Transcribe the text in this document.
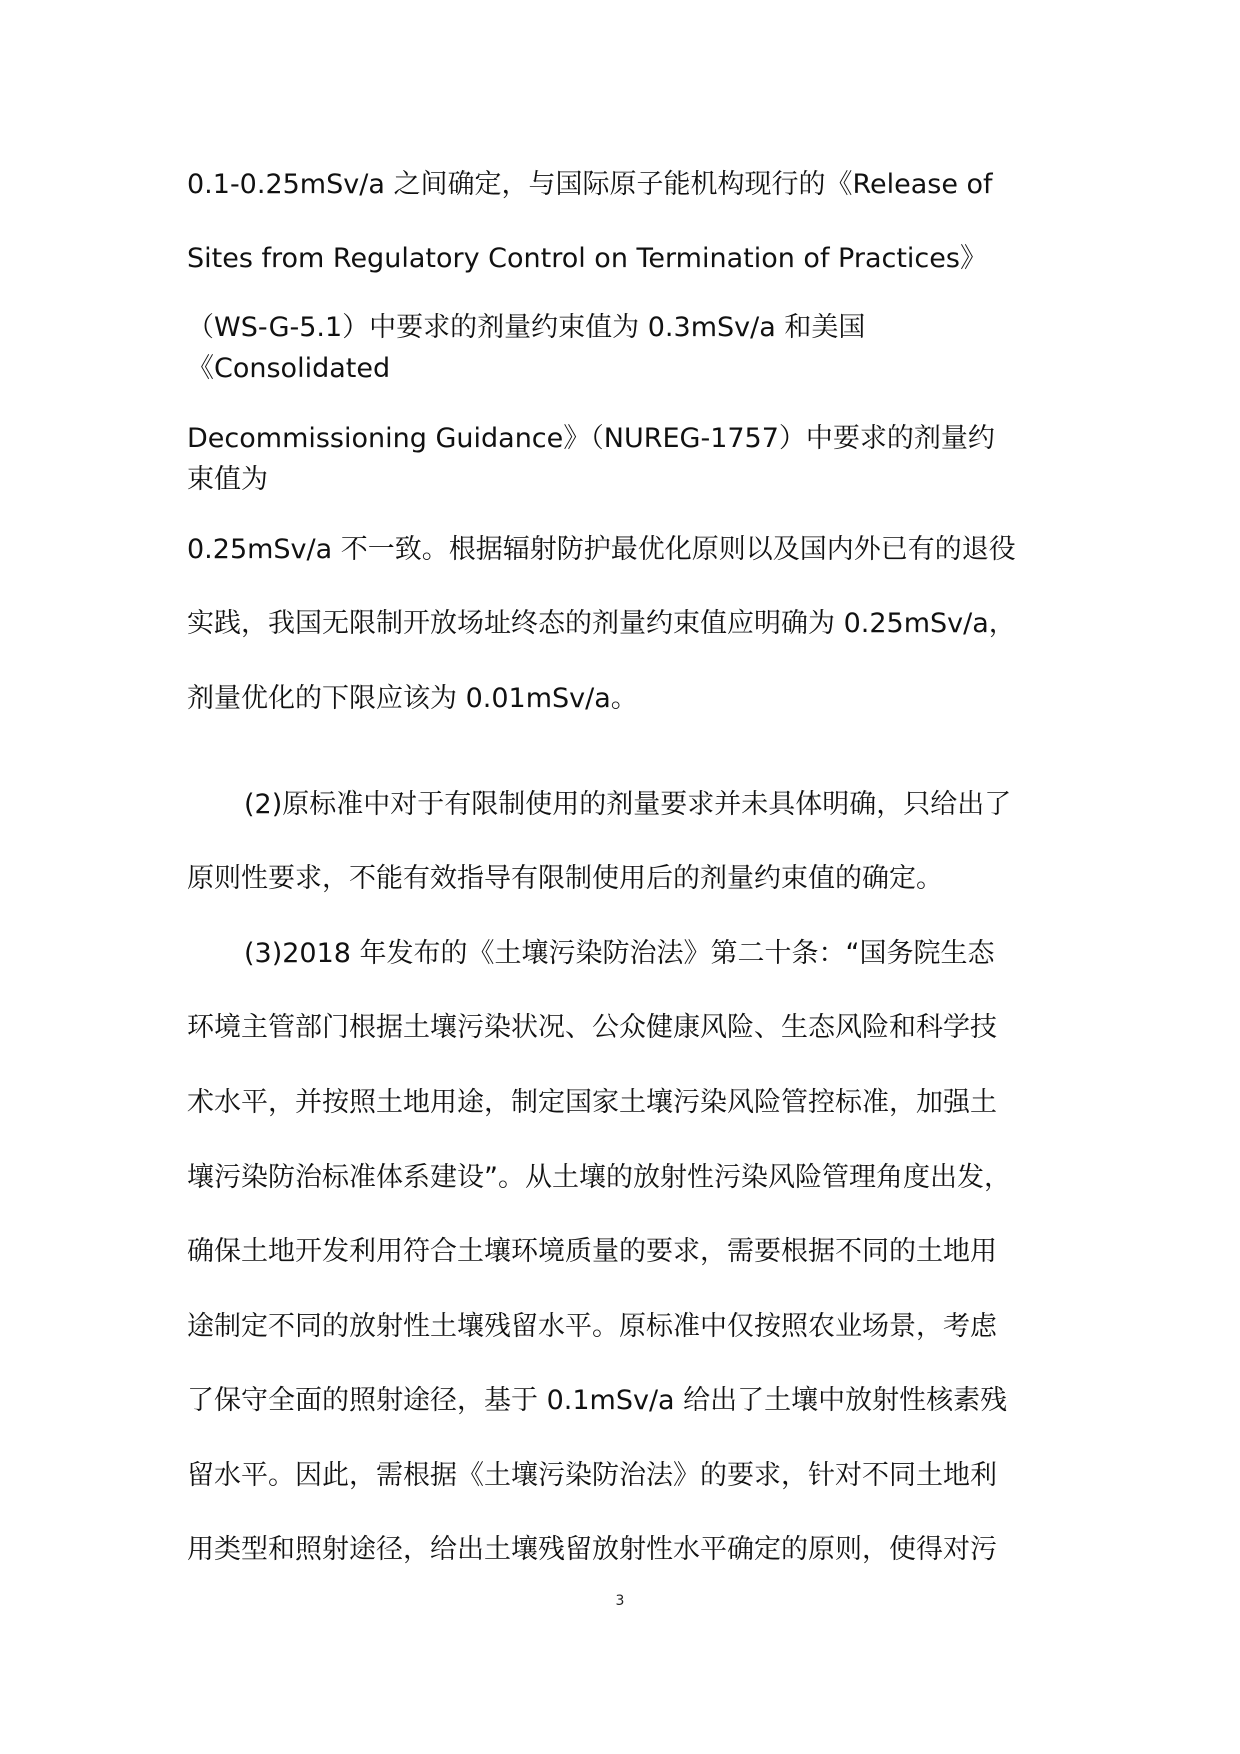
0.1-0.25mSv/a 之间确定，与国际原子能机构现行的《Release of
Sites from Regulatory Control on Termination of Practices》
（WS-G-5.1）中要求的剂量约束值为 0.3mSv/a 和美国
《Consolidated
Decommissioning Guidance》（NUREG-1757）中要求的剂量约
束值为
0.25mSv/a 不一致。根据辐射防护最优化原则以及国内外已有的退役
实践，我国无限制开放场址终态的剂量约束值应明确为 0.25mSv/a，
剂量优化的下限应该为 0.01mSv/a。
(2)原标准中对于有限制使用的剂量要求并未具体明确，只给出了
原则性要求，不能有效指导有限制使用后的剂量约束值的确定。
(3)2018 年发布的《土壤污染防治法》第二十条：“国务院生态
环境主管部门根据土壤污染状况、公众健康风险、生态风险和科学技
术水平，并按照土地用途，制定国家土壤污染风险管控标准，加强土
壤污染防治标准体系建设”。从土壤的放射性污染风险管理角度出发，
确保土地开发利用符合土壤环境质量的要求，需要根据不同的土地用
途制定不同的放射性土壤残留水平。原标准中仅按照农业场景，考虑
了保守全面的照射途径，基于 0.1mSv/a 给出了土壤中放射性核素残
留水平。因此，需根据《土壤污染防治法》的要求，针对不同土地利
用类型和照射途径，给出土壤残留放射性水平确定的原则，使得对污
3
